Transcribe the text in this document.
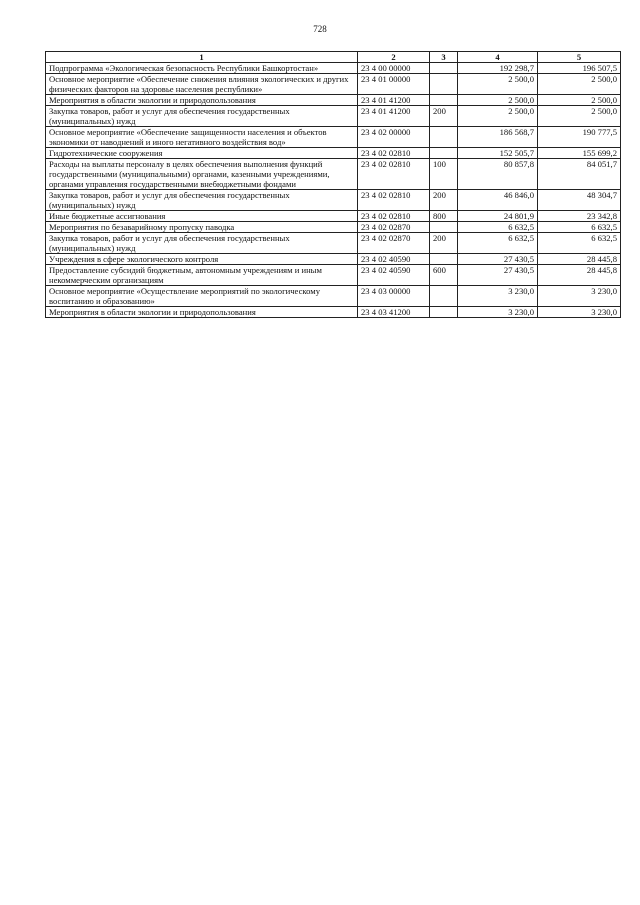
728
1	2	3	4	5
Подпрограмма «Экологическая безопасность Республики Башкортостан»	23 4 00 00000		192 298,7	196 507,5
Основное мероприятие «Обеспечение снижения влияния экологических и других физических факторов на здоровье населения республики»	23 4 01 00000		2 500,0	2 500,0
Мероприятия в области экологии и природопользования	23 4 01 41200		2 500,0	2 500,0
Закупка товаров, работ и услуг для обеспечения государственных (муниципальных) нужд	23 4 01 41200	200	2 500,0	2 500,0
Основное мероприятие «Обеспечение защищенности населения и объектов экономики от наводнений и иного негативного воздействия вод»	23 4 02 00000		186 568,7	190 777,5
Гидротехнические сооружения	23 4 02 02810		152 505,7	155 699,2
Расходы на выплаты персоналу в целях обеспечения выполнения функций государственными (муниципальными) органами, казенными учреждениями, органами управления государственными внебюджетными фондами	23 4 02 02810	100	80 857,8	84 051,7
Закупка товаров, работ и услуг для обеспечения государственных (муниципальных) нужд	23 4 02 02810	200	46 846,0	48 304,7
Иные бюджетные ассигнования	23 4 02 02810	800	24 801,9	23 342,8
Мероприятия по безаварийному пропуску паводка	23 4 02 02870		6 632,5	6 632,5
Закупка товаров, работ и услуг для обеспечения государственных (муниципальных) нужд	23 4 02 02870	200	6 632,5	6 632,5
Учреждения в сфере экологического контроля	23 4 02 40590		27 430,5	28 445,8
Предоставление субсидий бюджетным, автономным учреждениям и иным некоммерческим организациям	23 4 02 40590	600	27 430,5	28 445,8
Основное мероприятие «Осуществление мероприятий по экологическому воспитанию и образованию»	23 4 03 00000		3 230,0	3 230,0
Мероприятия в области экологии и природопользования	23 4 03 41200		3 230,0	3 230,0
